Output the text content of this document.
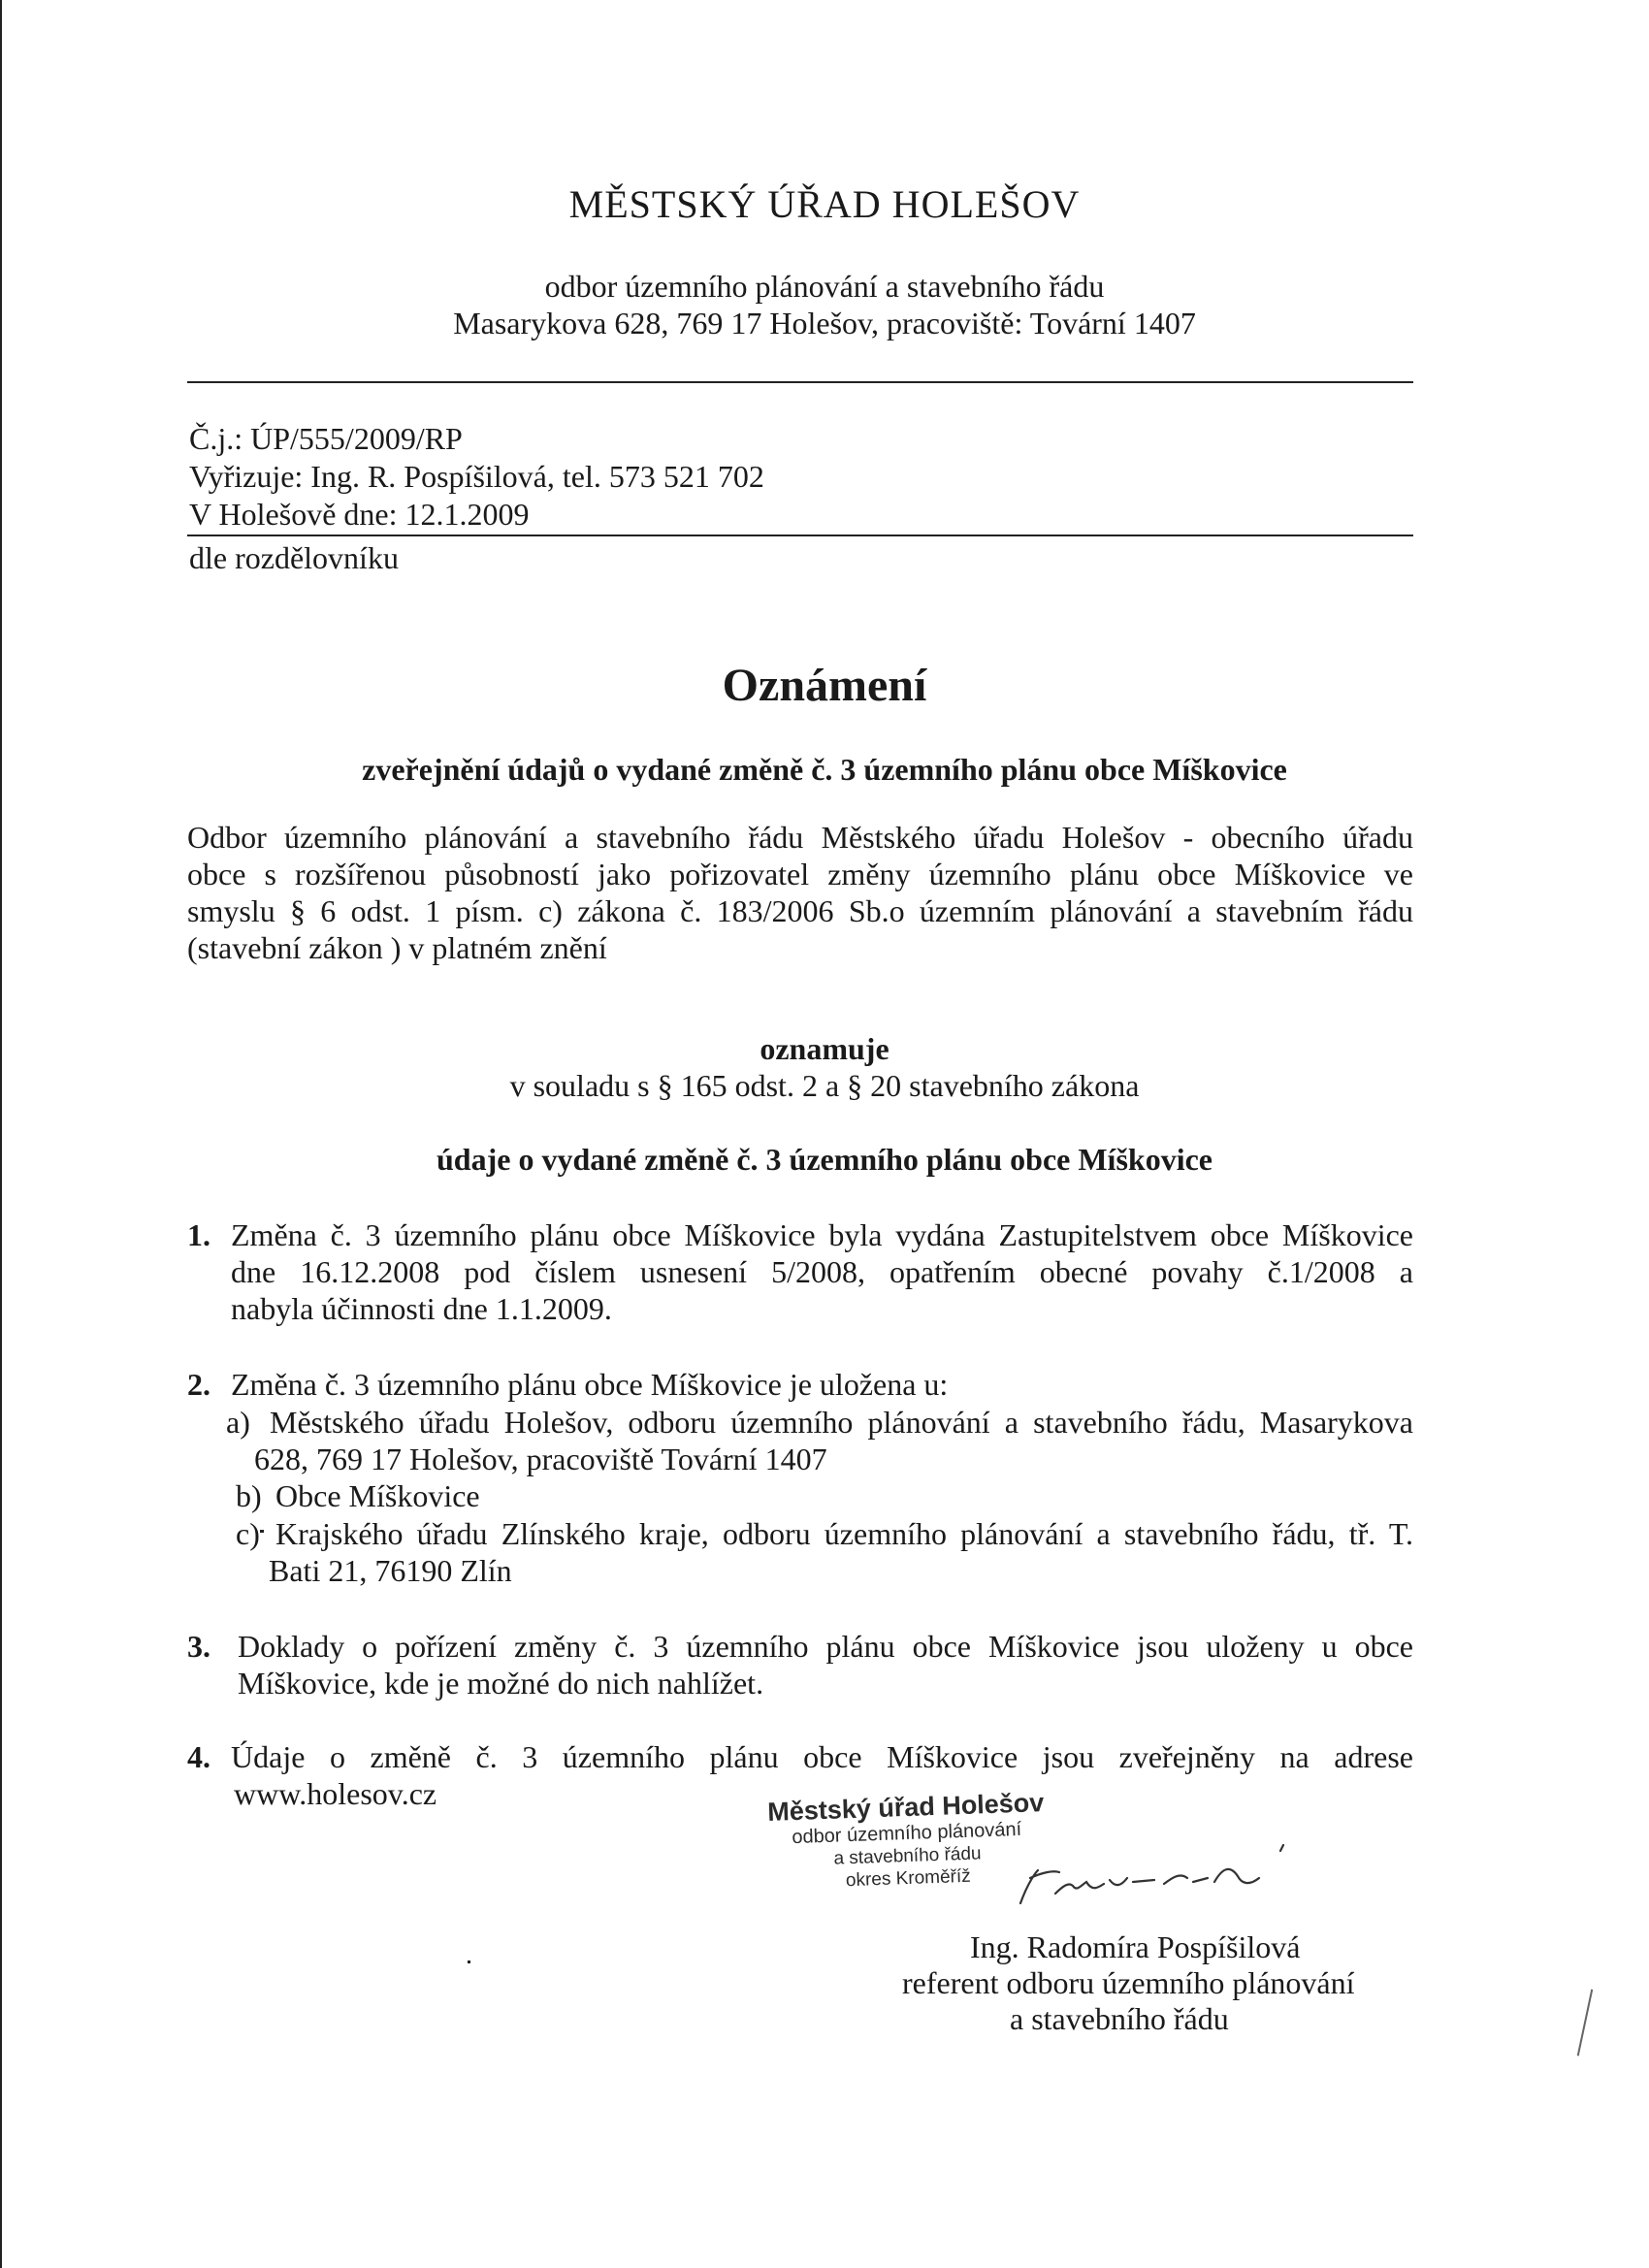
MĚSTSKÝ ÚŘAD HOLEŠOV
odbor územního plánování a stavebního řádu
Masarykova 628, 769 17 Holešov, pracoviště: Tovární 1407
Č.j.: ÚP/555/2009/RP
Vyřizuje: Ing. R. Pospíšilová, tel. 573 521 702
V Holešově dne: 12.1.2009
dle rozdělovníku
Oznámení
zveřejnění údajů o vydané změně č. 3 územního plánu obce Míškovice
Odbor územního plánování a stavebního řádu Městského úřadu Holešov - obecního úřadu
obce s rozšířenou působností jako pořizovatel změny územního plánu obce Míškovice ve
smyslu § 6 odst. 1 písm. c) zákona č. 183/2006 Sb.o územním plánování a stavebním řádu
(stavební zákon ) v platném znění
oznamuje
v souladu s § 165 odst. 2 a § 20 stavebního zákona
údaje o vydané změně č. 3 územního plánu obce Míškovice
1. Změna č. 3 územního plánu obce Míškovice byla vydána Zastupitelstvem obce Míškovice
dne 16.12.2008 pod číslem usnesení 5/2008, opatřením obecné povahy č.1/2008 a
nabyla účinnosti dne 1.1.2009.
2. Změna č. 3 územního plánu obce Míškovice je uložena u:
a) Městského úřadu Holešov, odboru územního plánování a stavebního řádu, Masarykova
628, 769 17 Holešov, pracoviště Tovární 1407
b) Obce Míškovice
c) Krajského úřadu Zlínského kraje, odboru územního plánování a stavebního řádu, tř. T.
Bati 21, 76190 Zlín
3. Doklady o pořízení změny č. 3 územního plánu obce Míškovice jsou uloženy u obce
Míškovice, kde je možné do nich nahlížet.
4. Údaje o změně č. 3 územního plánu obce Míškovice jsou zveřejněny na adrese
www.holesov.cz	Městský úřad Holešov
odbor územního plánování
a stavebního řádu
okres Kroměříž
Ing. Radomíra Pospíšilová
referent odboru územního plánování
a stavebního řádu
